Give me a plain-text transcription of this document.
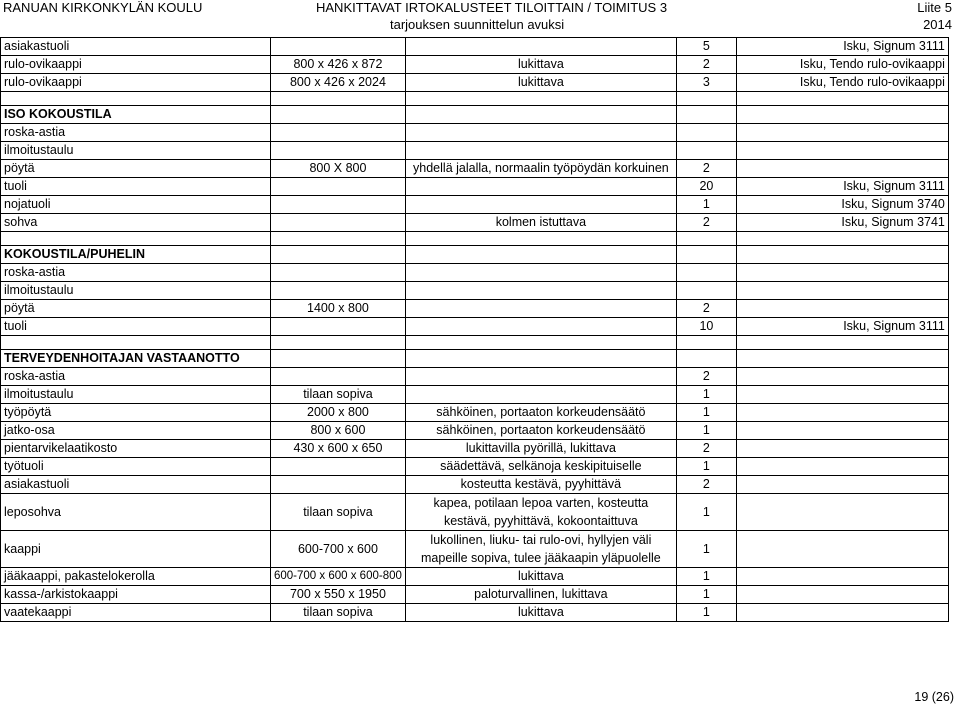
RANUAN KIRKONKYLÄN KOULU	HANKITTAVAT IRTOKALUSTEET TILOITTAIN / TOIMITUS 3
tarjouksen suunnittelun avuksi
Liite 5
2014
asiakastuoli			5	Isku, Signum 3111
rulo-ovikaappi	800 x 426 x 872	lukittava	2	Isku, Tendo rulo-ovikaappi
rulo-ovikaappi	800 x 426 x 2024	lukittava	3	Isku, Tendo rulo-ovikaappi

ISO KOKOUSTILA				
roska-astia				
ilmoitustaulu				
pöytä	800 X 800	yhdellä jalalla, normaalin työpöydän korkuinen	2	
tuoli			20	Isku, Signum 3111
nojatuoli			1	Isku, Signum 3740
sohva		kolmen istuttava	2	Isku, Signum 3741

KOKOUSTILA/PUHELIN				
roska-astia				
ilmoitustaulu				
pöytä	1400 x 800		2	
tuoli			10	Isku, Signum 3111

TERVEYDENHOITAJAN VASTAANOTTO				
roska-astia			2	
ilmoitustaulu	tilaan sopiva		1	
työpöytä	2000 x 800	sähköinen, portaaton korkeudensäätö	1	
jatko-osa	800 x 600	sähköinen, portaaton korkeudensäätö	1	
pientarvikelaatikosto	430 x 600 x 650	lukittavilla pyörillä, lukittava	2	
työtuoli		säädettävä, selkänoja keskipituiselle	1	
asiakastuoli		kosteutta kestävä, pyyhittävä	2	
leposohva	tilaan sopiva	kapea, potilaan lepoa varten, kosteutta kestävä, pyyhittävä, kokoontaittuva	1	
kaappi	600-700 x 600	lukollinen, liuku- tai rulo-ovi, hyllyjen väli mapeille sopiva, tulee jääkaapin yläpuolelle	1	
jääkaappi, pakastelokerolla	600-700 x 600 x 600-800	lukittava	1	
kassa-/arkistokaappi	700 x 550 x 1950	paloturvallinen, lukittava	1	
vaatekaappi	tilaan sopiva	lukittava	1	
19 (26)
